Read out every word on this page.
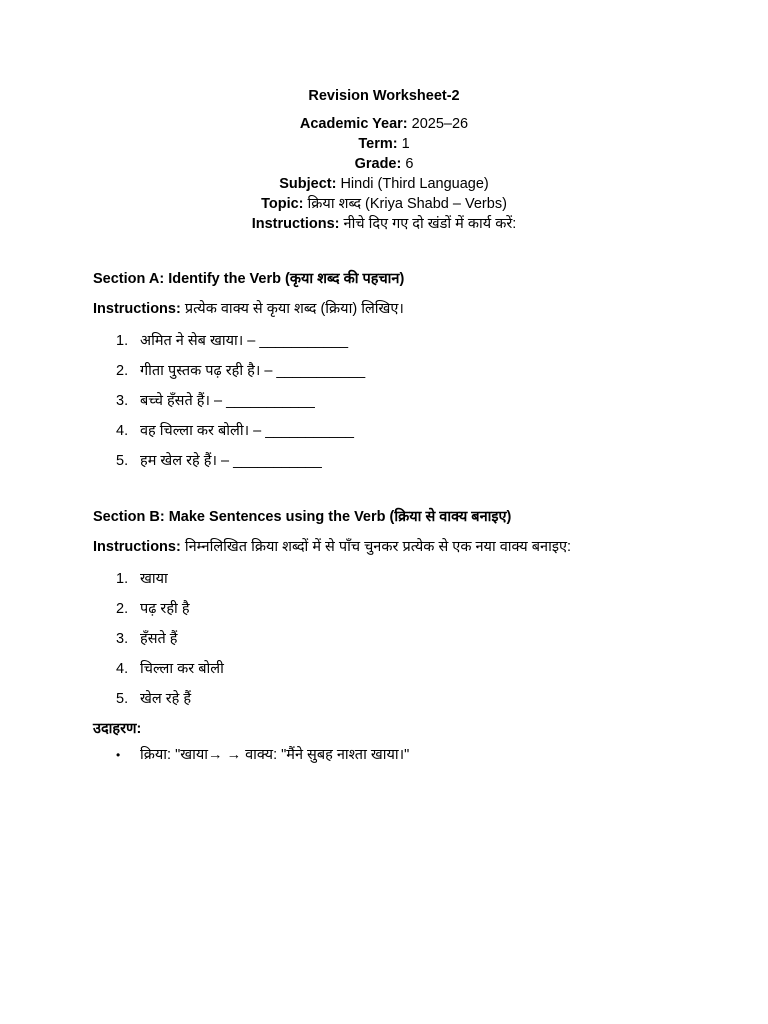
Revision Worksheet-2
Academic Year: 2025–26
Term: 1
Grade: 6
Subject: Hindi (Third Language)
Topic: क्रिया शब्द (Kriya Shabd – Verbs)
Instructions: नीचे दिए गए दो खंडों में कार्य करें:
Section A: Identify the Verb (कृया शब्द की पहचान)
Instructions: प्रत्येक वाक्य से कृया शब्द (क्रिया) लिखिए।
1. अमित ने सेब खाया। – ___________
2. गीता पुस्तक पढ़ रही है। – ___________
3. बच्चे हँसते हैं। – ___________
4. वह चिल्ला कर बोली। – ___________
5. हम खेल रहे हैं। – ___________
Section B: Make Sentences using the Verb (क्रिया से वाक्य बनाइए)
Instructions: निम्नलिखित क्रिया शब्दों में से पाँच चुनकर प्रत्येक से एक नया वाक्य बनाइए:
1. खाया
2. पढ़ रही है
3. हँसते हैं
4. चिल्ला कर बोली
5. खेल रहे हैं
उदाहरण:
•	क्रिया: "खाया→ → वाक्य: "मैंने सुबह नाश्ता खाया।"
